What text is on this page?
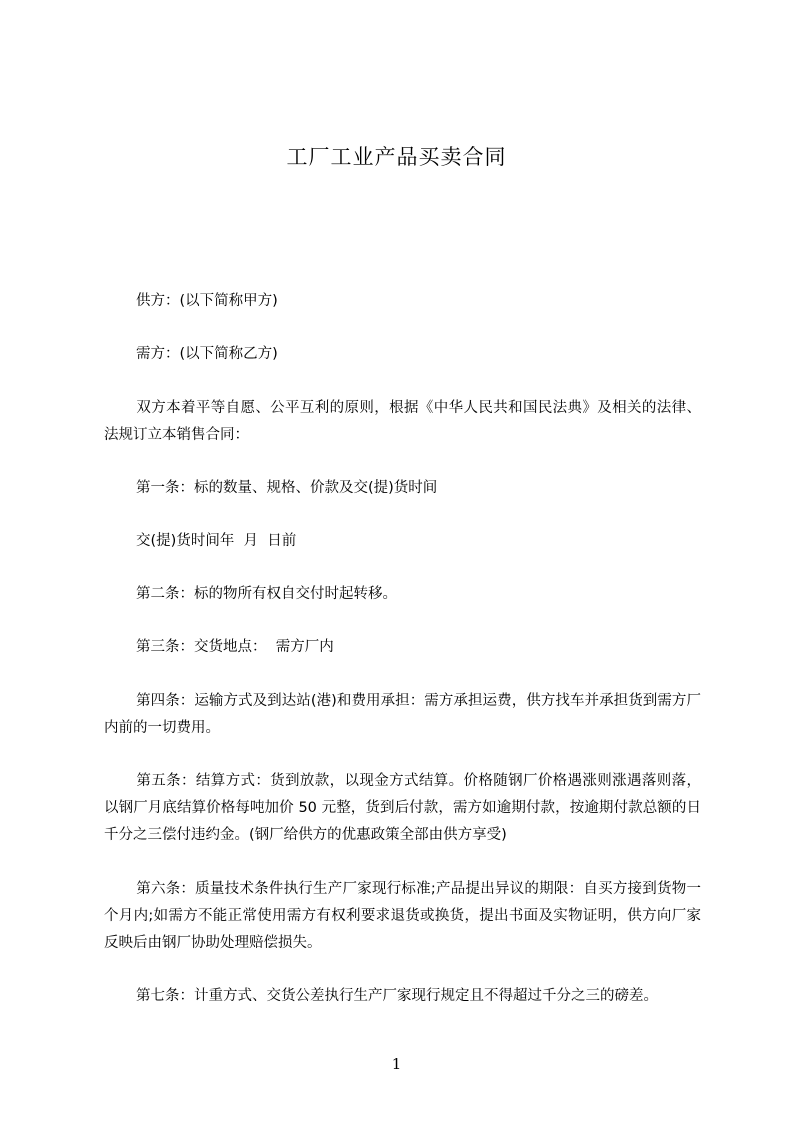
工厂工业产品买卖合同
供方：(以下简称甲方)
需方：(以下简称乙方)
双方本着平等自愿、公平互利的原则，根据《中华人民共和国民法典》及相关的法律、法规订立本销售合同：
第一条：标的数量、规格、价款及交(提)货时间
交(提)货时间年  月  日前
第二条：标的物所有权自交付时起转移。
第三条：交货地点：  需方厂内
第四条：运输方式及到达站(港)和费用承担：需方承担运费，供方找车并承担货到需方厂内前的一切费用。
第五条：结算方式：货到放款，以现金方式结算。价格随钢厂价格遇涨则涨遇落则落，以钢厂月底结算价格每吨加价 50 元整，货到后付款，需方如逾期付款，按逾期付款总额的日千分之三偿付违约金。(钢厂给供方的优惠政策全部由供方享受)
第六条：质量技术条件执行生产厂家现行标准;产品提出异议的期限：自买方接到货物一   个月内;如需方不能正常使用需方有权利要求退货或换货，提出书面及实物证明，供方向厂家反映后由钢厂协助处理赔偿损失。
第七条：计重方式、交货公差执行生产厂家现行规定且不得超过千分之三的磅差。
1
